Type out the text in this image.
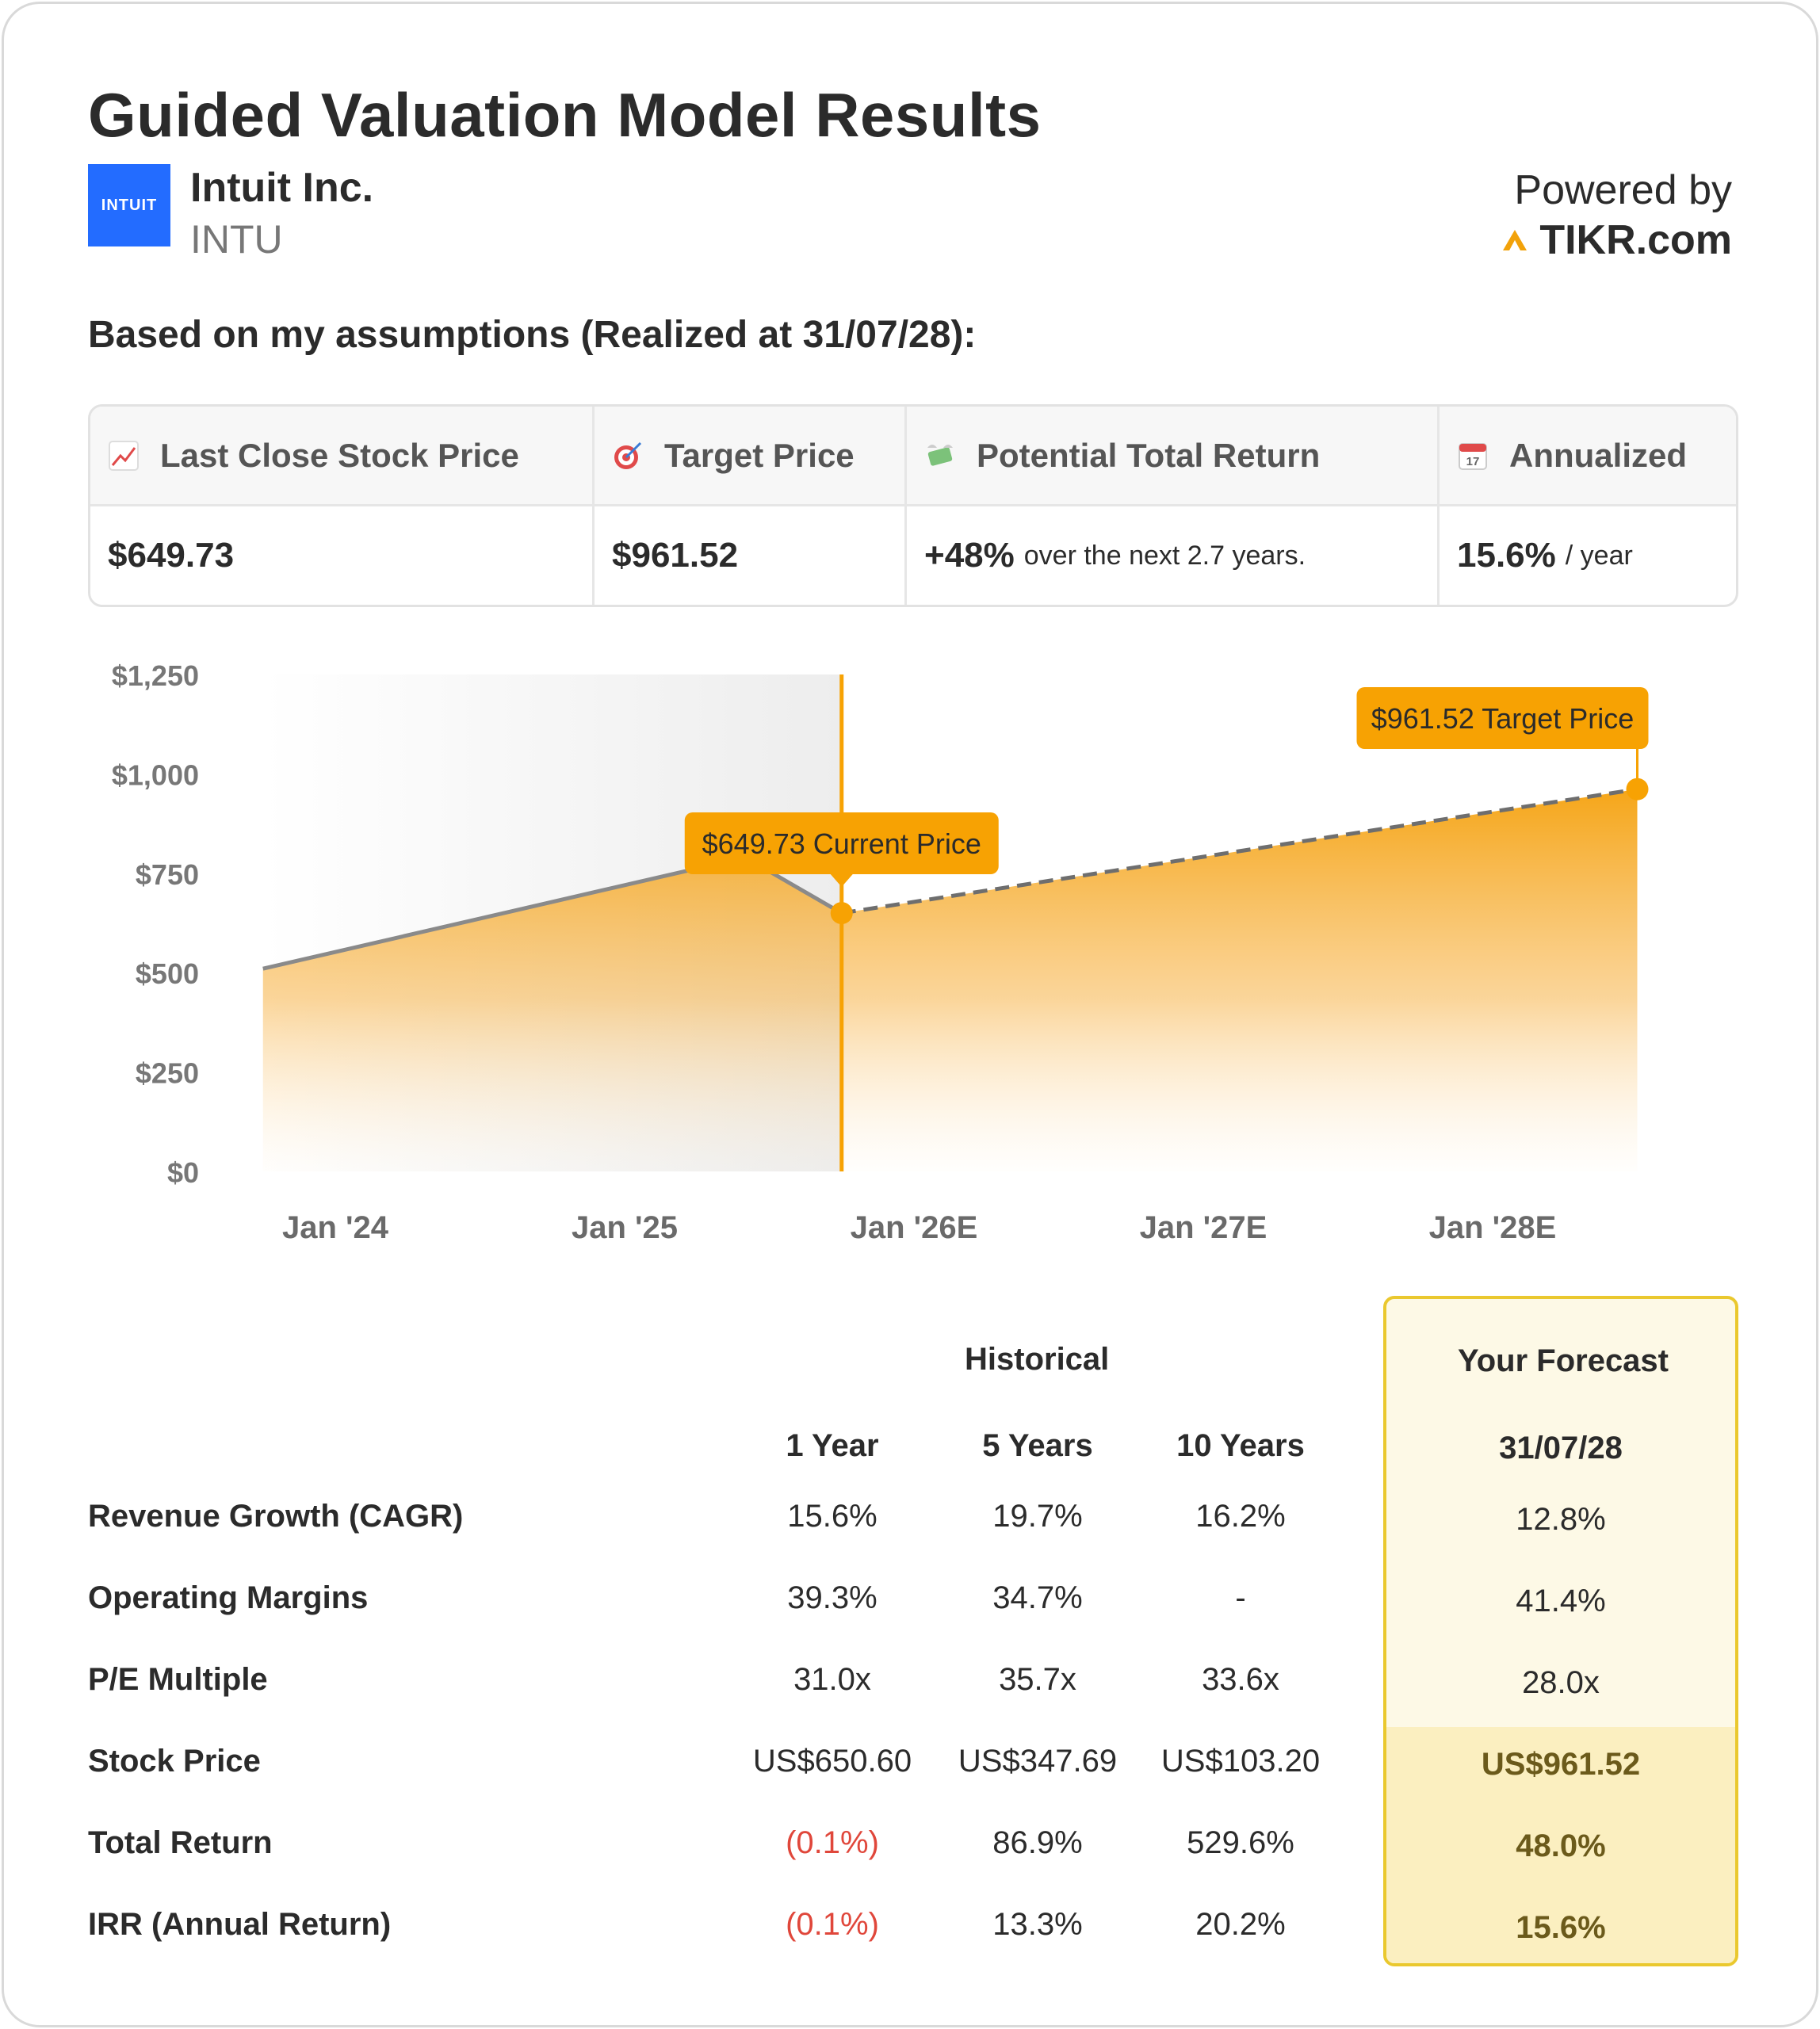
Guided Valuation Model Results
INTUIT Intuit Inc.
INTU
Powered by
TIKR.com
Based on my assumptions (Realized at 31/07/28):
Last Close Stock Price	Target Price	Potential Total Return	17 Annualized
$649.73	$961.52	+48% over the next 2.7 years.	15.6% / year
$1,250
$1,000
$750
$500
$250
$0
Jan '24	Jan '25	Jan '26E	Jan '27E	Jan '28E
$649.73 Current Price
$961.52 Target Price
Historical	Your Forecast
1 Year	5 Years	10 Years	31/07/28
Revenue Growth (CAGR)	15.6%	19.7%	16.2%	12.8%
Operating Margins	39.3%	34.7%	-	41.4%
P/E Multiple	31.0x	35.7x	33.6x	28.0x
Stock Price	US$650.60	US$347.69	US$103.20	US$961.52
Total Return	(0.1%)	86.9%	529.6%	48.0%
IRR (Annual Return)	(0.1%)	13.3%	20.2%	15.6%
